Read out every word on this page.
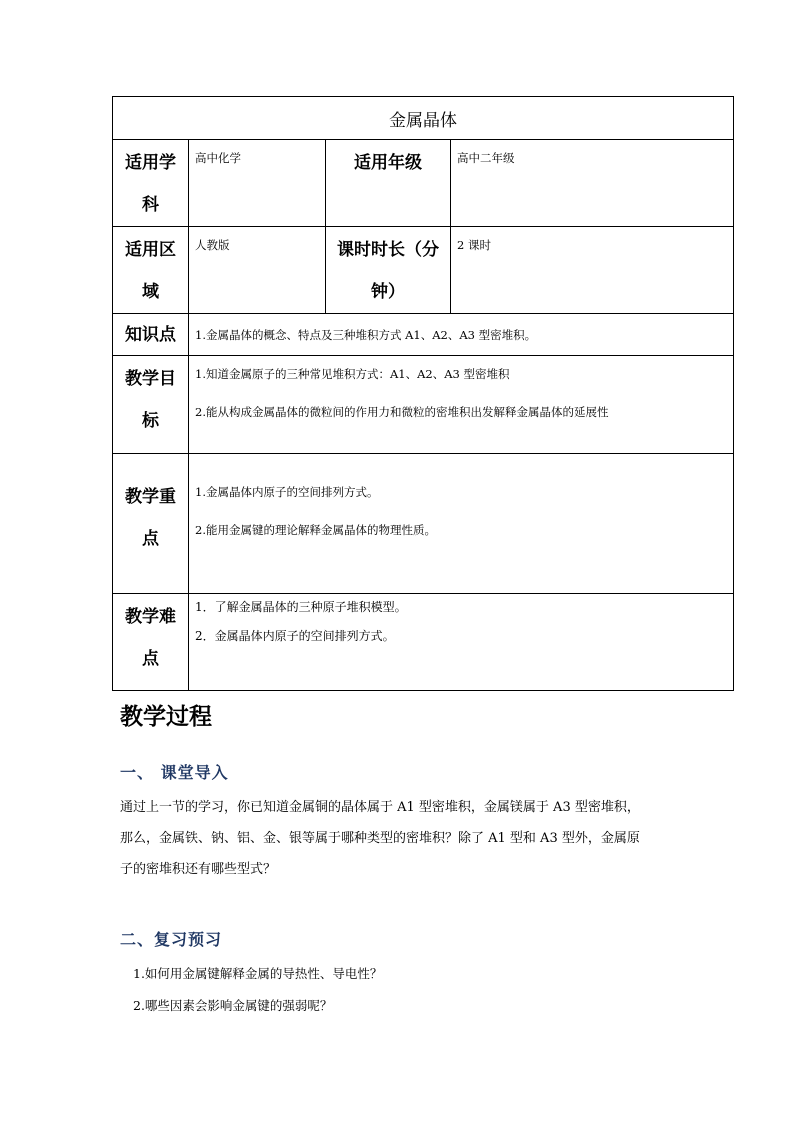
金属晶体			
适用学
科	高中化学	适用年级	高中二年级
适用区
域	人教版	课时时长（分
钟）	2 课时
知识点	1.金属晶体的概念、特点及三种堆积方式 A1、A2、A3 型密堆积。		
教学目
标	1.知道金属原子的三种常见堆积方式：A1、A2、A3 型密堆积
2.能从构成金属晶体的微粒间的作用力和微粒的密堆积出发解释金属晶体的延展性		

教学重
点	1.金属晶体内原子的空间排列方式。
2.能用金属键的理论解释金属晶体的物理性质。		

教学难
点	1．了解金属晶体的三种原子堆积模型。
2．金属晶体内原子的空间排列方式。		
教学过程
一、 课堂导入

通过上一节的学习，你已知道金属铜的晶体属于 A1 型密堆积，金属镁属于 A3 型密堆积，
那么，金属铁、钠、铝、金、银等属于哪种类型的密堆积？除了 A1 型和 A3 型外，金属原
子的密堆积还有哪些型式？

二、复习预习

1.如何用金属键解释金属的导热性、导电性？

2.哪些因素会影响金属键的强弱呢？
